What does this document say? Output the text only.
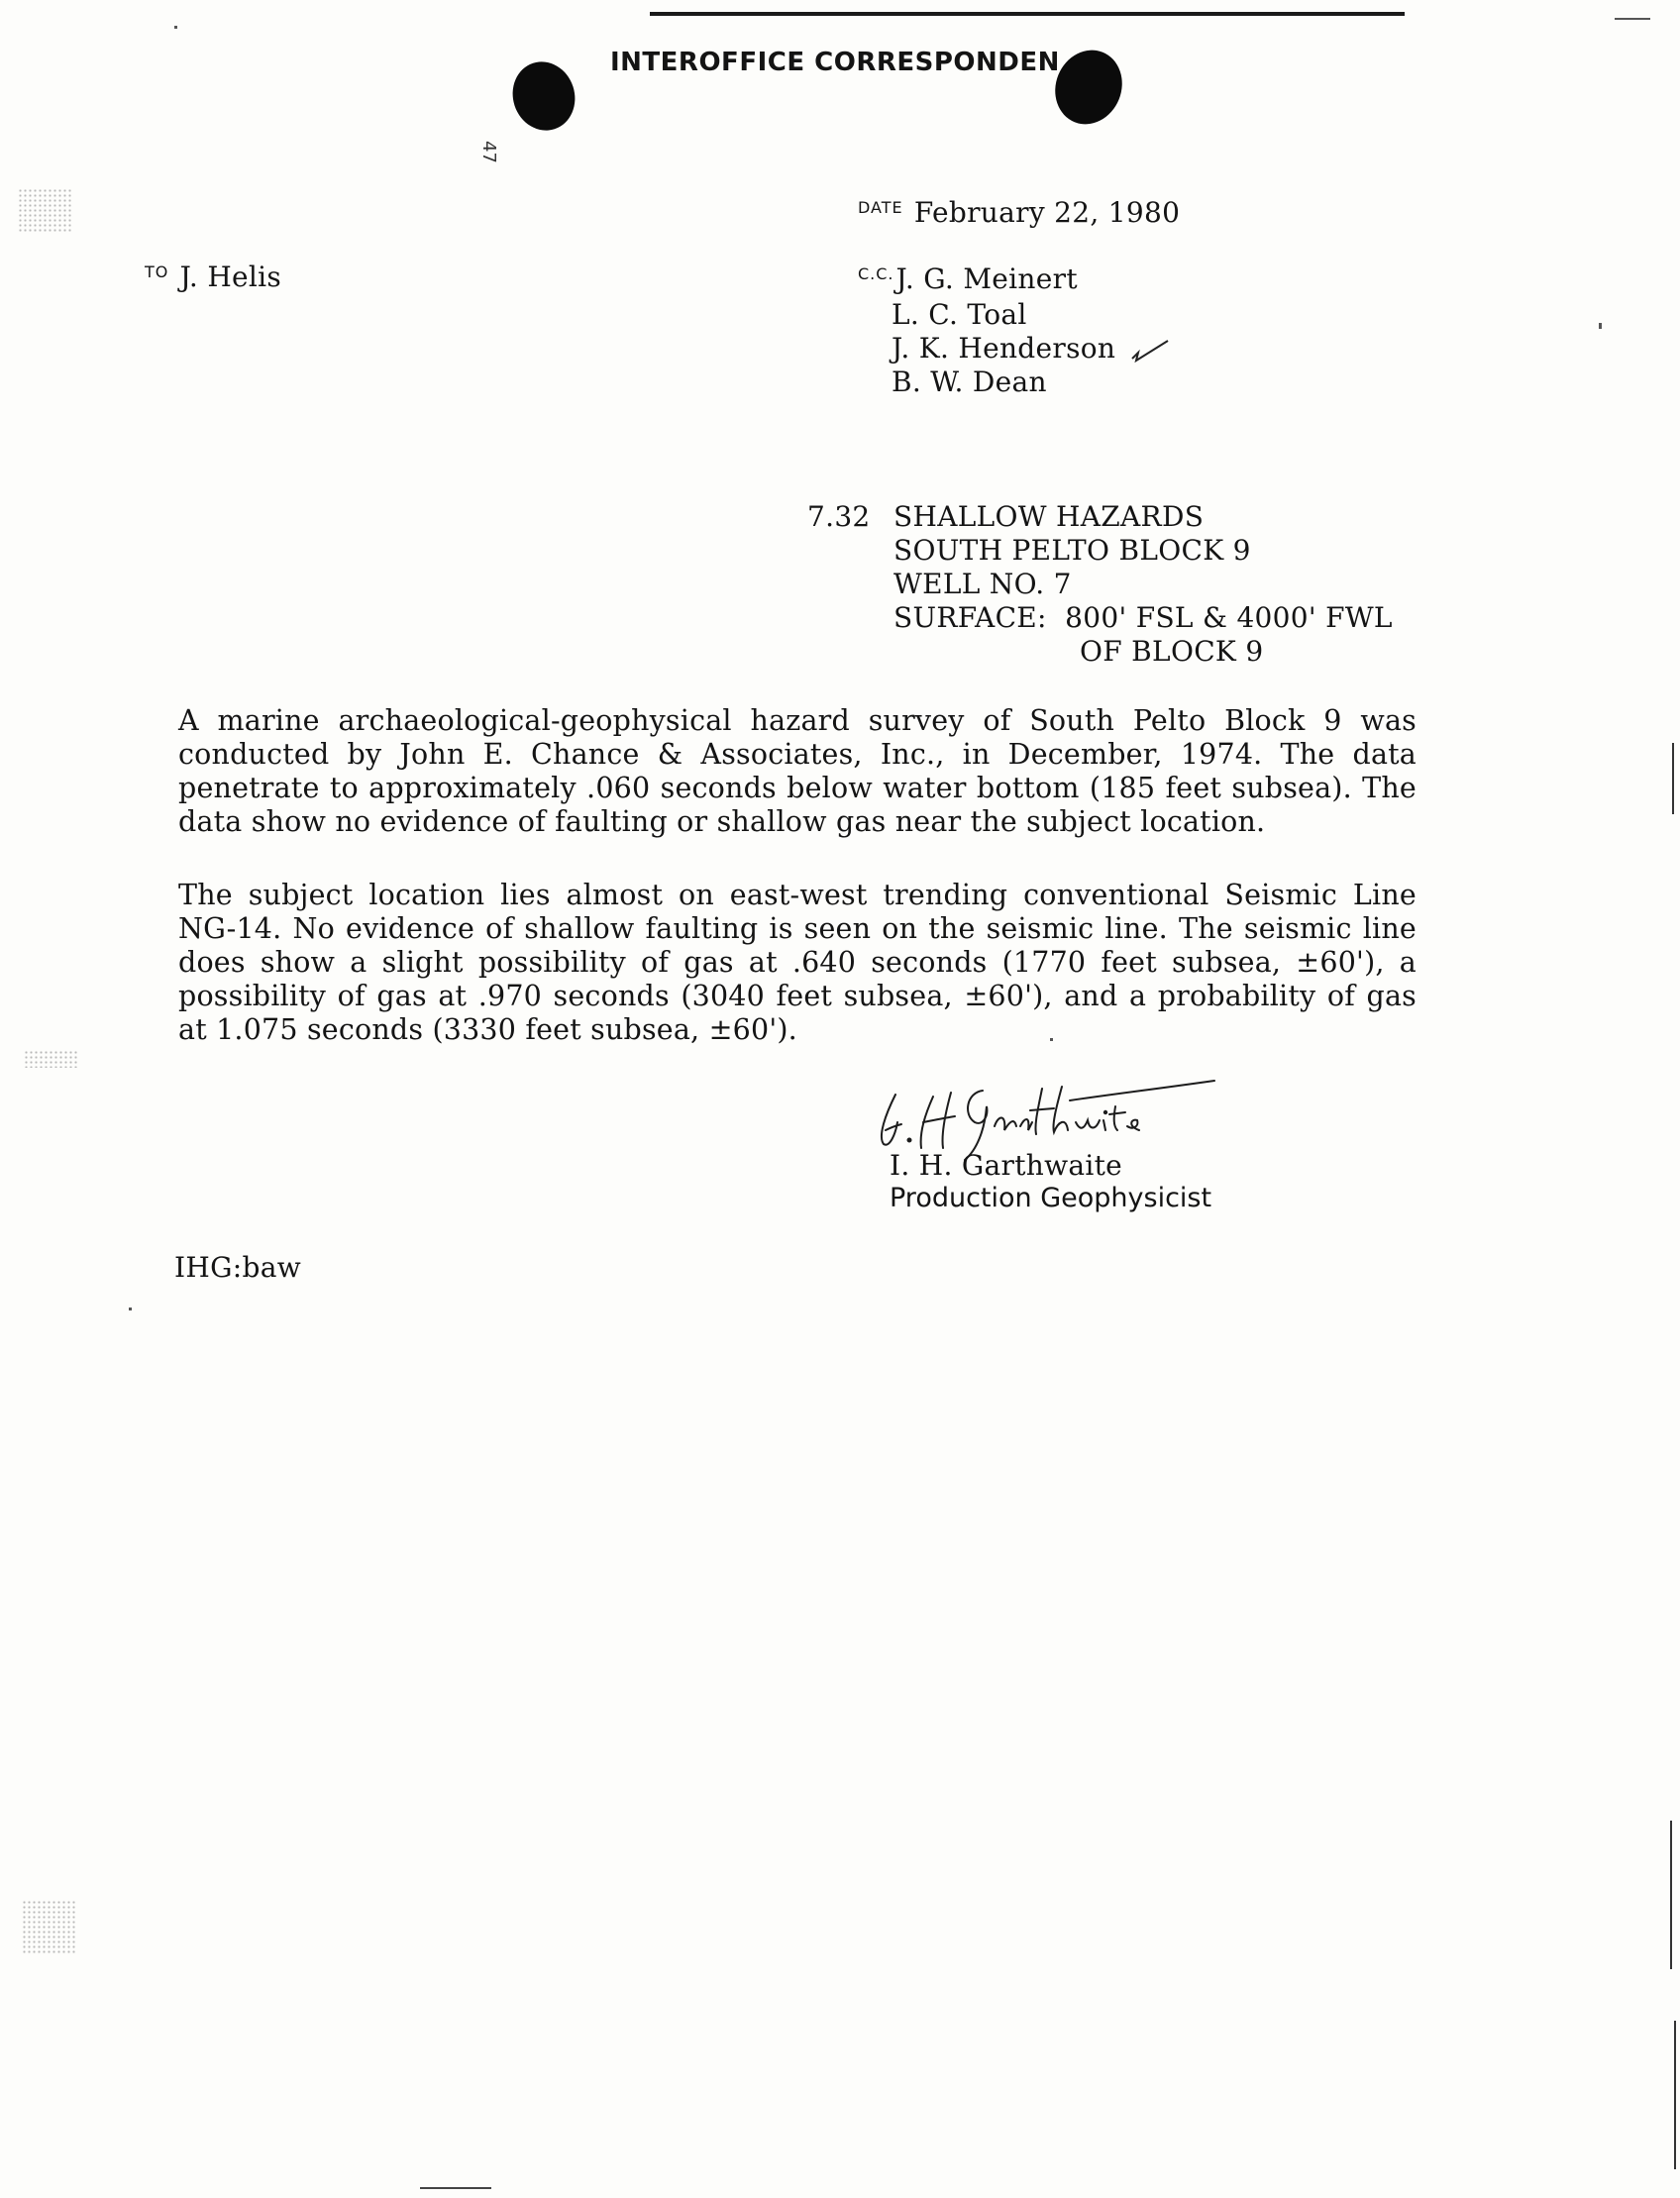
INTEROFFICE CORRESPONDEN
47
$^{DATE}$ February 22, 1980
$^{TO}$ J. Helis	$^{C.C.}$J. G. Meinert
L. C. Toal
J. K. Henderson
B. W. Dean
7.32 SHALLOW HAZARDS
SOUTH PELTO BLOCK 9
WELL NO. 7
SURFACE:  800' FSL & 4000' FWL
OF BLOCK 9
A marine archaeological-geophysical hazard survey of South Pelto Block 9 was conducted by John E. Chance & Associates, Inc., in December, 1974. The data penetrate to approximately .060 seconds below water bottom (185 feet subsea). The data show no evidence of faulting or shallow gas near the subject location.
The subject location lies almost on east-west trending conventional Seismic Line NG-14. No evidence of shallow faulting is seen on the seismic line. The seismic line does show a slight possibility of gas at .640 seconds (1770 feet subsea, ±60'), a possibility of gas at .970 seconds (3040 feet subsea, ±60'), and a probability of gas at 1.075 seconds (3330 feet subsea, ±60').
I. H. Garthwaite
Production Geophysicist
IHG:baw
